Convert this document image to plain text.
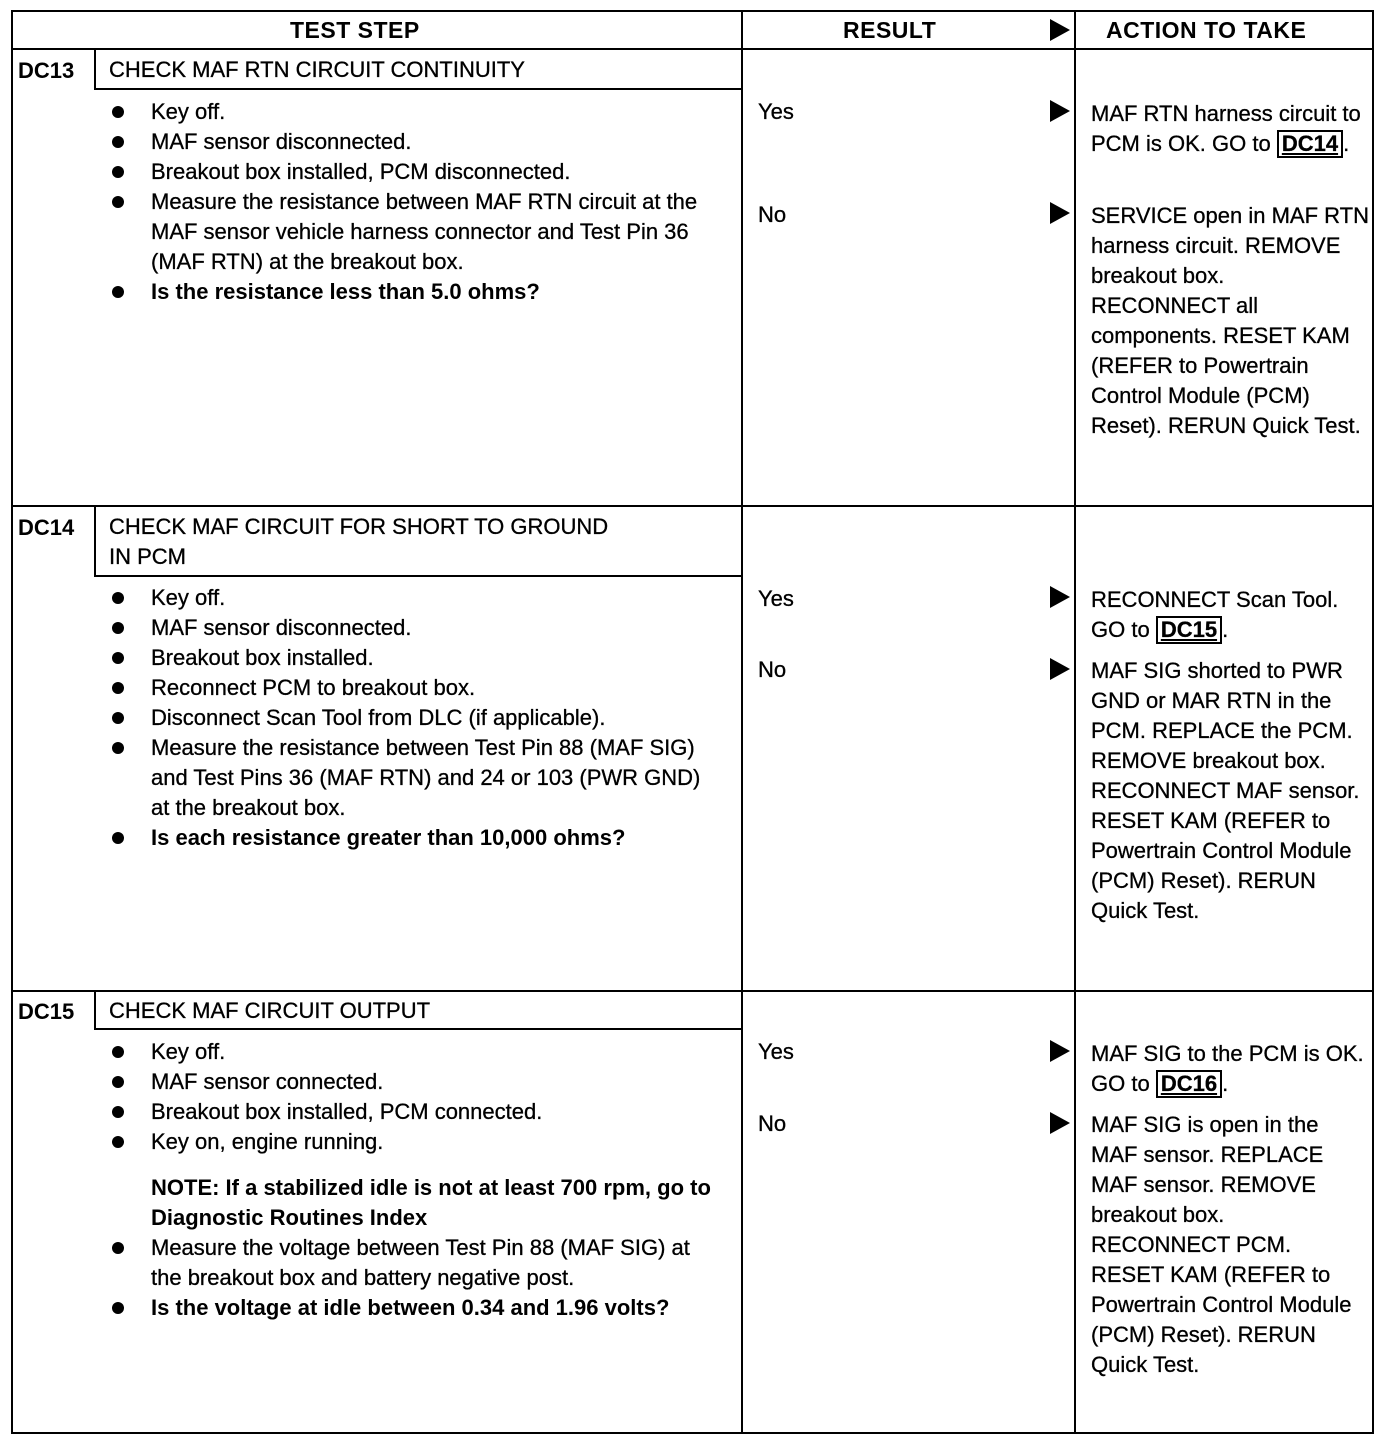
TEST STEP	RESULT	ACTION TO TAKE
DC13 CHECK MAF RTN CIRCUIT CONTINUITY
Key off.
MAF sensor disconnected.
Breakout box installed, PCM disconnected.
Measure the resistance between MAF RTN circuit at the MAF sensor vehicle harness connector and Test Pin 36 (MAF RTN) at the breakout box.
Is the resistance less than 5.0 ohms?
Yes	MAF RTN harness circuit to PCM is OK. GO to DC14 .
No	SERVICE open in MAF RTN harness circuit. REMOVE breakout box. RECONNECT all components. RESET KAM (REFER to Powertrain Control Module (PCM) Reset). RERUN Quick Test.
DC14 CHECK MAF CIRCUIT FOR SHORT TO GROUND
IN PCM
Key off.
MAF sensor disconnected.
Breakout box installed.
Reconnect PCM to breakout box.
Disconnect Scan Tool from DLC (if applicable).
Measure the resistance between Test Pin 88 (MAF SIG) and Test Pins 36 (MAF RTN) and 24 or 103 (PWR GND) at the breakout box.
Is each resistance greater than 10,000 ohms?
Yes	RECONNECT Scan Tool. GO to DC15 .
No	MAF SIG shorted to PWR GND or MAR RTN in the PCM. REPLACE the PCM. REMOVE breakout box. RECONNECT MAF sensor. RESET KAM (REFER to Powertrain Control Module (PCM) Reset). RERUN Quick Test.
DC15 CHECK MAF CIRCUIT OUTPUT
Key off.
MAF sensor connected.
Breakout box installed, PCM connected.
Key on, engine running.
NOTE: If a stabilized idle is not at least 700 rpm, go to Diagnostic Routines Index
Measure the voltage between Test Pin 88 (MAF SIG) at the breakout box and battery negative post.
Is the voltage at idle between 0.34 and 1.96 volts?
Yes	MAF SIG to the PCM is OK. GO to DC16 .
No	MAF SIG is open in the MAF sensor. REPLACE MAF sensor. REMOVE breakout box. RECONNECT PCM. RESET KAM (REFER to Powertrain Control Module (PCM) Reset). RERUN Quick Test.
